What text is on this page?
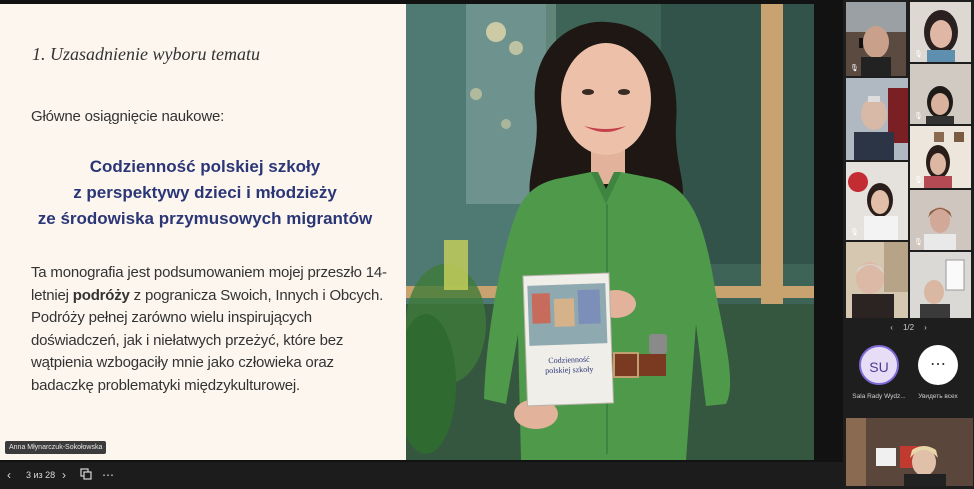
1. Uzasadnienie wyboru tematu
Główne osiągnięcie naukowe:
Codzienność polskiej szkoły
z perspektywy dzieci i młodzieży
ze środowiska przymusowych migrantów
Ta monografia jest podsumowaniem mojej przeszło 14-letniej podróży z pogranicza Swoich, Innych i Obcych. Podróży pełnej zarówno wielu inspirujących doświadczeń, jak i niełatwych przeżyć, które bez wątpienia wzbogaciły mnie jako człowieka oraz badaczkę problematyki międzykulturowej.
Codzienność
polskiej szkoły
Anna Młynarczuk-Sokołowska
‹ 3 из 28 ›	⋯
🎙
🎙
🎙
🎙
🎙
🎙
‹ 1/2 ›
SU
Sala Rady Wydz...
⋯
Увидеть всех
